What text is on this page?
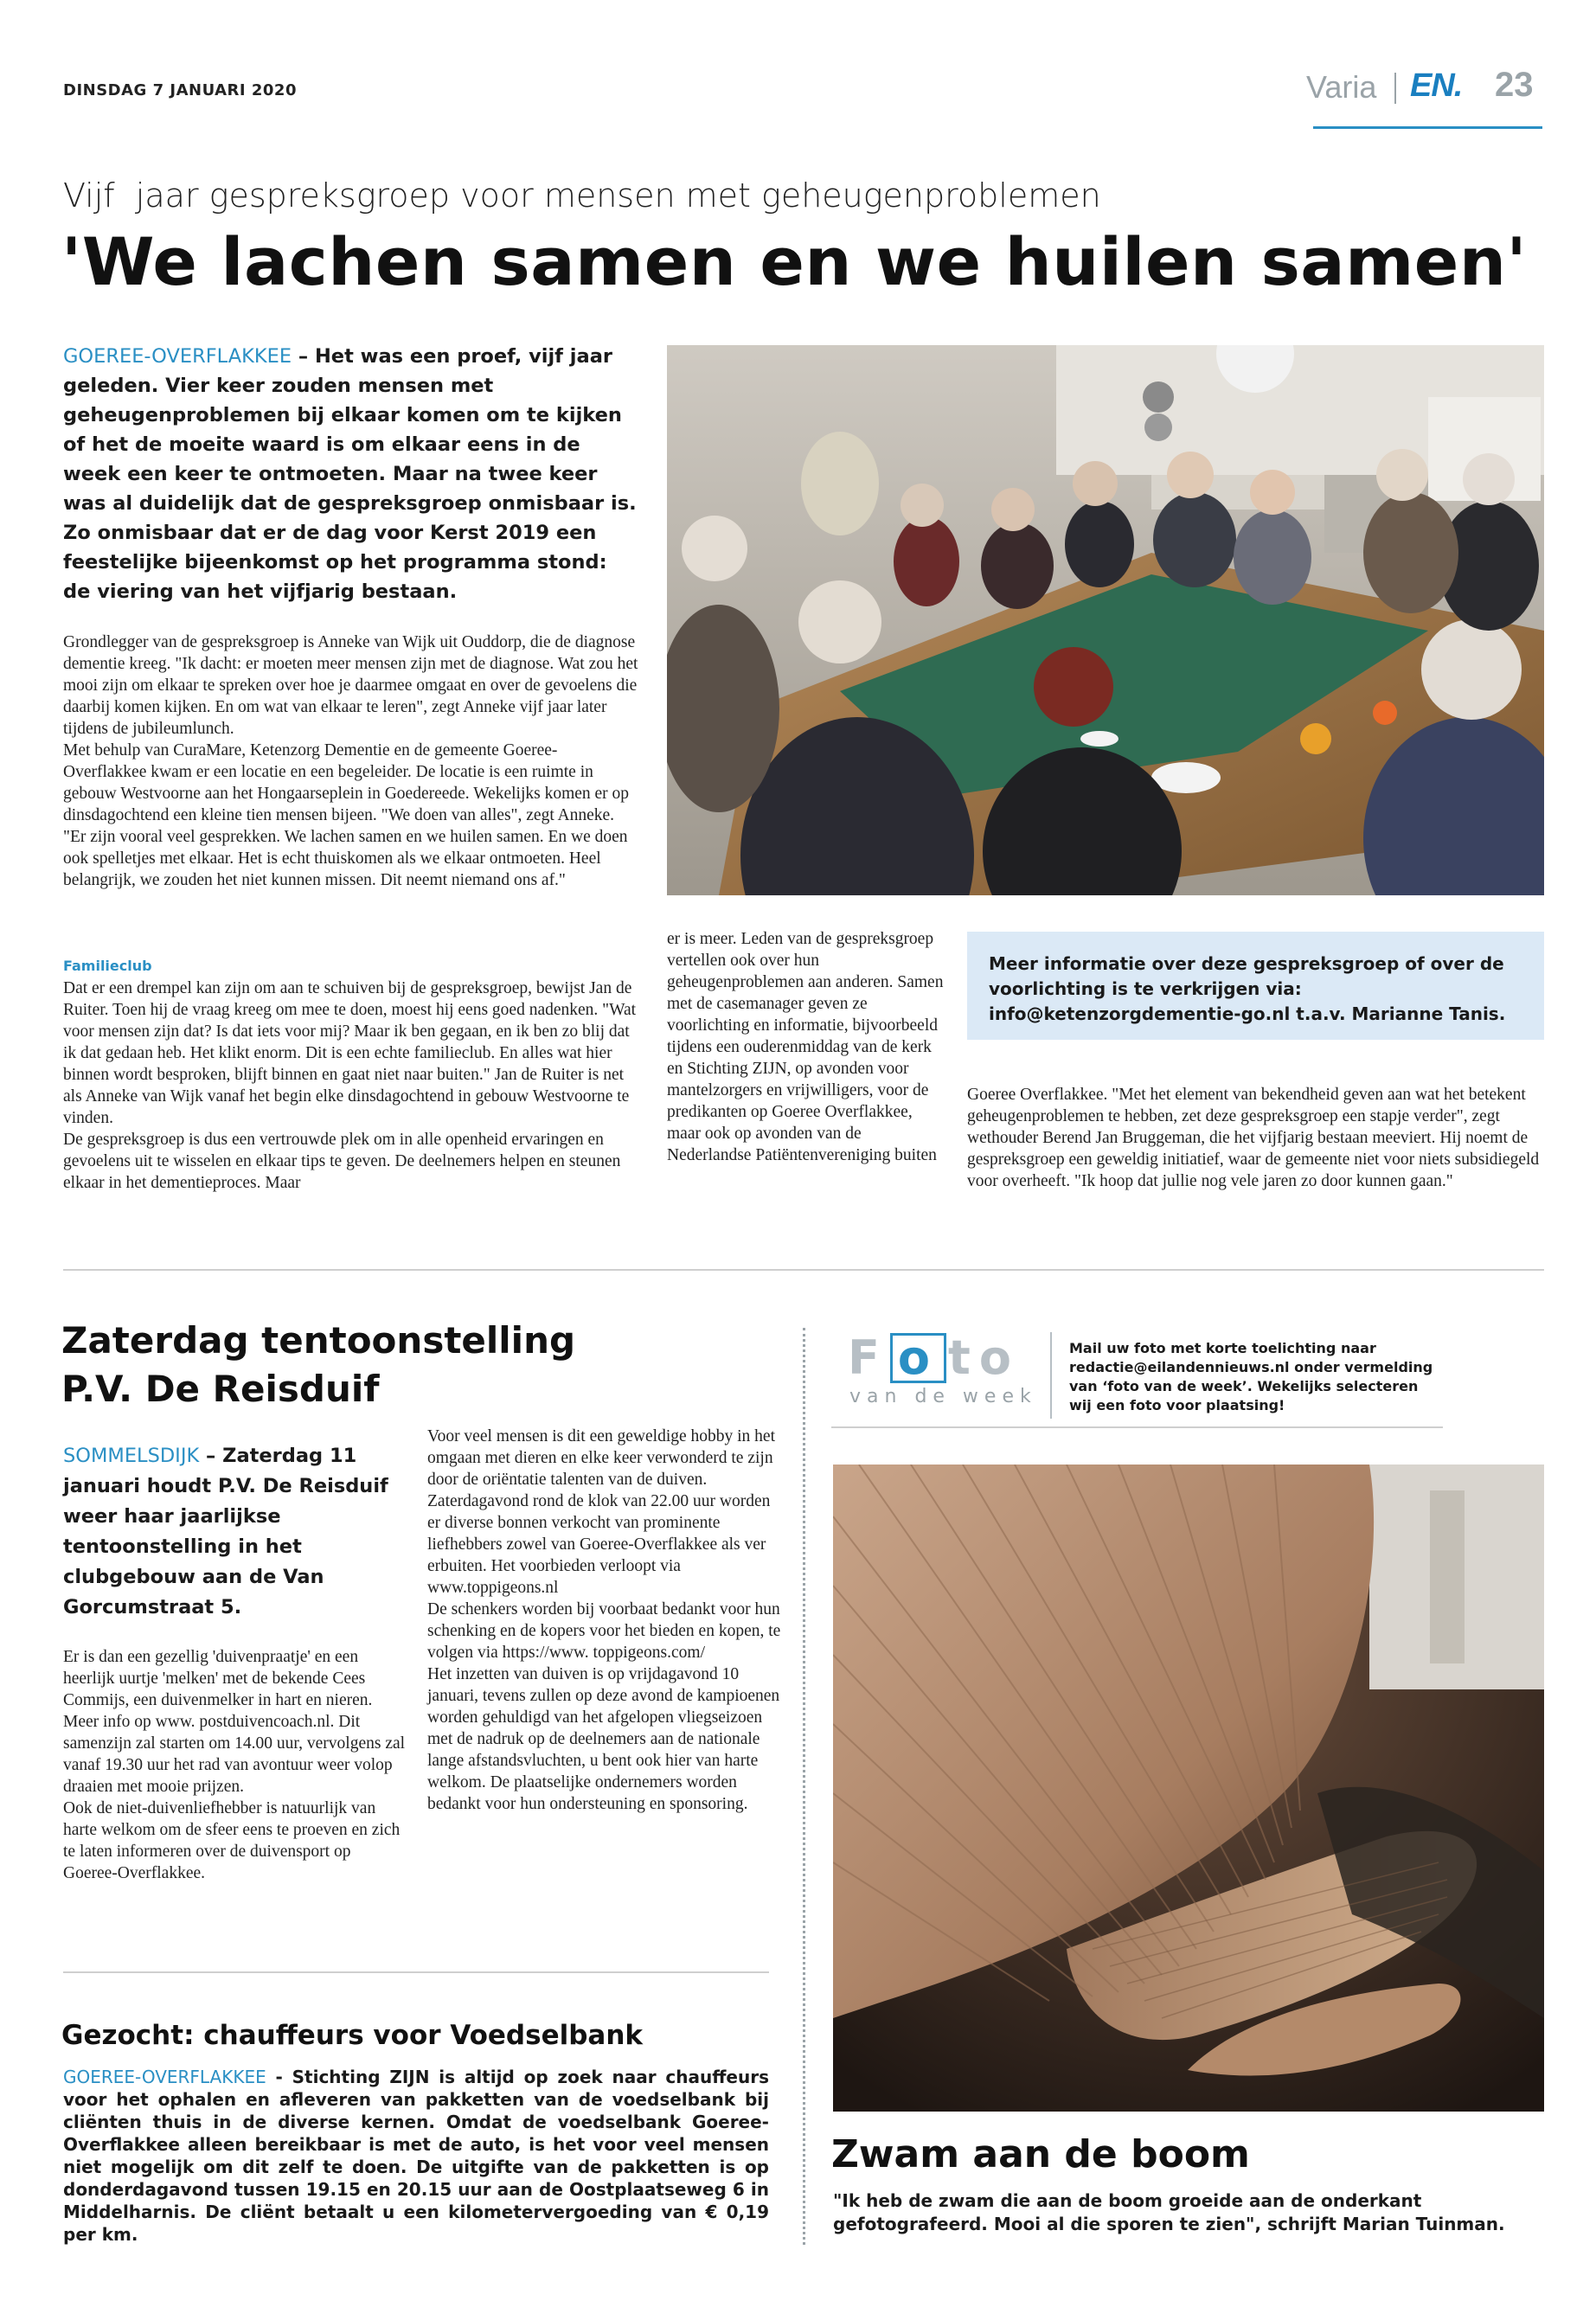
DINSDAG 7 JANUARI 2020	Varia EN. 23
Vijf  jaar gespreksgroep voor mensen met geheugenproblemen
'We lachen samen en we huilen samen'
GOEREE-OVERFLAKKEE – Het was een proef, vijf jaar geleden. Vier keer zouden mensen met geheugenproblemen bij elkaar komen om te kijken of het de moeite waard is om elkaar eens in de week een keer te ontmoeten. Maar na twee keer was al duidelijk dat de gespreksgroep onmisbaar is. Zo onmisbaar dat er de dag voor Kerst 2019 een feestelijke bijeenkomst op het programma stond: de viering van het vijfjarig bestaan.

Grondlegger van de gespreksgroep is Anneke van Wijk uit Ouddorp, die de diagnose dementie kreeg. "Ik dacht: er moeten meer mensen zijn met de diagnose. Wat zou het mooi zijn om elkaar te spreken over hoe je daarmee omgaat en over de gevoelens die daarbij komen kijken. En om wat van elkaar te leren", zegt Anneke vijf jaar later tijdens de jubileumlunch.

Met behulp van CuraMare, Ketenzorg Dementie en de gemeente Goeree-Overflakkee kwam er een locatie en een begeleider. De locatie is een ruimte in gebouw Westvoorne aan het Hongaarseplein in Goedereede. Wekelijks komen er op dinsdagochtend een kleine tien mensen bijeen. "We doen van alles", zegt Anneke. "Er zijn vooral veel gesprekken. We lachen samen en we huilen samen. En we doen ook spelletjes met elkaar. Het is echt thuiskomen als we elkaar ontmoeten. Heel belangrijk, we zouden het niet kunnen missen. Dit neemt niemand ons af."

Familieclub

Dat er een drempel kan zijn om aan te schuiven bij de gespreksgroep, bewijst Jan de Ruiter. Toen hij de vraag kreeg om mee te doen, moest hij eens goed nadenken. "Wat voor mensen zijn dat? Is dat iets voor mij? Maar ik ben gegaan, en ik ben zo blij dat ik dat gedaan heb. Het klikt enorm. Dit is een echte familieclub. En alles wat hier binnen wordt besproken, blijft binnen en gaat niet naar buiten." Jan de Ruiter is net als Anneke van Wijk vanaf het begin elke dinsdagochtend in gebouw Westvoorne te vinden.

De gespreksgroep is dus een vertrouwde plek om in alle openheid ervaringen en gevoelens uit te wisselen en elkaar tips te geven. De deelnemers helpen en steunen elkaar in het dementieproces. Maar

er is meer. Leden van de gespreksgroep vertellen ook over hun geheugenproblemen aan anderen. Samen met de casemanager geven ze voorlichting en informatie, bijvoorbeeld tijdens een ouderenmiddag van de kerk en Stichting ZIJN, op avonden voor mantelzorgers en vrijwilligers, voor de predikanten op Goeree Overflakkee, maar ook op avonden van de Nederlandse Patiëntenvereniging buiten
Meer informatie over deze gespreksgroep of over de voorlichting is te verkrijgen via: info@ketenzorgdementie-go.nl t.a.v. Marianne Tanis.
Goeree Overflakkee. "Met het element van bekendheid geven aan wat het betekent geheugenproblemen te hebben, zet deze gespreksgroep een stapje verder", zegt wethouder Berend Jan Bruggeman, die het vijfjarig bestaan meeviert. Hij noemt de gespreksgroep een geweldig initiatief, waar de gemeente niet voor niets subsidiegeld voor overheeft. "Ik hoop dat jullie nog vele jaren zo door kunnen gaan."
Zaterdag tentoonstelling P.V. De Reisduif
SOMMELSDIJK – Zaterdag 11 januari houdt P.V. De Reisduif weer haar jaarlijkse tentoonstelling in het clubgebouw aan de Van Gorcumstraat 5.

Er is dan een gezellig 'duivenpraatje' en een heerlijk uurtje 'melken' met de bekende Cees Commijs, een duivenmelker in hart en nieren. Meer info op www. postduivencoach.nl. Dit samenzijn zal starten om 14.00 uur, vervolgens zal vanaf 19.30 uur het rad van avontuur weer volop draaien met mooie prijzen.

Ook de niet-duivenliefhebber is natuurlijk van harte welkom om de sfeer eens te proeven en zich te laten informeren over de duivensport op Goeree-Overflakkee.

Voor veel mensen is dit een geweldige hobby in het omgaan met dieren en elke keer verwonderd te zijn door de oriëntatie talenten van de duiven.

Zaterdagavond rond de klok van 22.00 uur worden er diverse bonnen verkocht van prominente liefhebbers zowel van Goeree-Overflakkee als ver erbuiten. Het voorbieden verloopt via www.toppigeons.nl

De schenkers worden bij voorbaat bedankt voor hun schenking en de kopers voor het bieden en kopen, te volgen via https://www. toppigeons.com/

Het inzetten van duiven is op vrijdagavond 10 januari, tevens zullen op deze avond de kampioenen worden gehuldigd van het afgelopen vliegseizoen met de nadruk op de deelnemers aan de nationale lange afstandsvluchten, u bent ook hier van harte welkom. De plaatselijke ondernemers worden bedankt voor hun ondersteuning en sponsoring.

Gezocht: chauffeurs voor Voedselbank
GOEREE-OVERFLAKKEE - Stichting ZIJN is altijd op zoek naar chauffeurs voor het ophalen en afleveren van pakketten van de voedselbank bij cliënten thuis in de diverse kernen. Omdat de voedselbank Goeree-Overflakkee alleen bereikbaar is met de auto, is het voor veel mensen niet mogelijk om dit zelf te doen. De uitgifte van de pakketten is op donderdagavond tussen 19.15 en 20.15 uur aan de Oostplaatseweg 6 in Middelharnis. De cliënt betaalt u een kilometervergoeding van € 0,19 per km.
F o to
van de week
Mail uw foto met korte toelichting naar redactie@eilandennieuws.nl onder vermelding van ‘foto van de week’. Wekelijks selecteren wij een foto voor plaatsing!
Zwam aan de boom
"Ik heb de zwam die aan de boom groeide aan de onderkant gefotografeerd. Mooi al die sporen te zien", schrijft Marian Tuinman.
